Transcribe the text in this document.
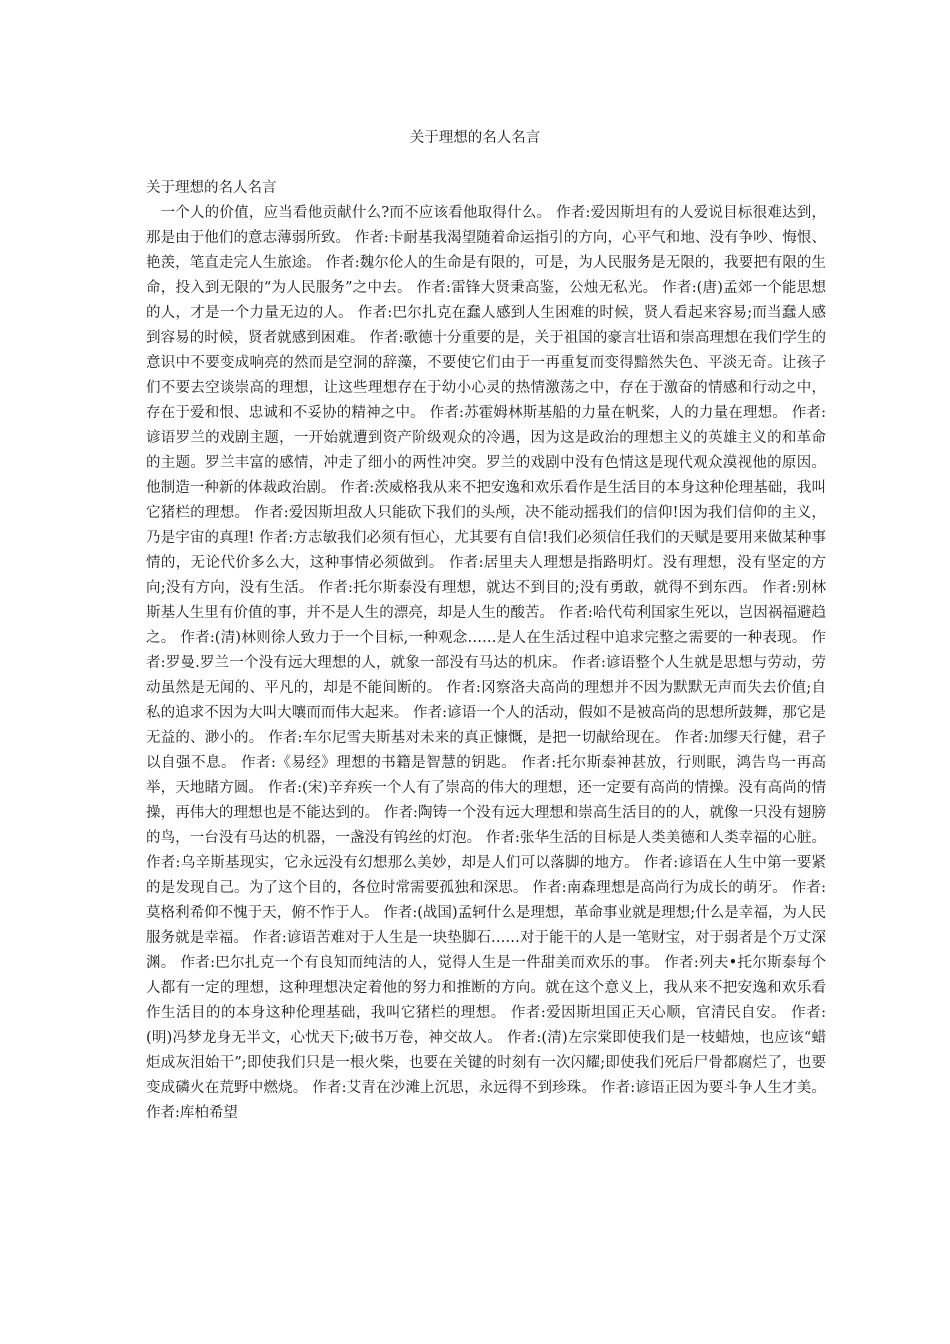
关于理想的名人名言

关于理想的名人名言

一个人的价值，应当看他贡献什么?而不应该看他取得什么。 作者:爱因斯坦有的人爱说目标很难达到，那是由于他们的意志薄弱所致。 作者:卡耐基我渴望随着命运指引的方向，心平气和地、没有争吵、悔恨、艳羡，笔直走完人生旅途。 作者:魏尔伦人的生命是有限的，可是，为人民服务是无限的，我要把有限的生命，投入到无限的“为人民服务”之中去。 作者:雷锋大贤秉高鉴，公烛无私光。 作者:(唐)孟郊一个能思想的人，才是一个力量无边的人。 作者:巴尔扎克在蠢人感到人生困难的时候，贤人看起来容易;而当蠢人感到容易的时候，贤者就感到困难。 作者:歌德十分重要的是，关于祖国的豪言壮语和崇高理想在我们学生的意识中不要变成响亮的然而是空洞的辞藻，不要使它们由于一再重复而变得黯然失色、平淡无奇。让孩子们不要去空谈崇高的理想，让这些理想存在于幼小心灵的热情激荡之中，存在于激奋的情感和行动之中，存在于爱和恨、忠诚和不妥协的精神之中。 作者:苏霍姆林斯基船的力量在帆桨，人的力量在理想。 作者:谚语罗兰的戏剧主题，一开始就遭到资产阶级观众的冷遇，因为这是政治的理想主义的英雄主义的和革命的主题。罗兰丰富的感情，冲走了细小的两性冲突。罗兰的戏剧中没有色情这是现代观众漠视他的原因。他制造一种新的体裁政治剧。 作者:茨威格我从来不把安逸和欢乐看作是生活目的本身这种伦理基础，我叫它猪栏的理想。 作者:爱因斯坦敌人只能砍下我们的头颅，决不能动摇我们的信仰!因为我们信仰的主义，乃是宇宙的真理! 作者:方志敏我们必须有恒心，尤其要有自信!我们必须信任我们的天赋是要用来做某种事情的，无论代价多么大，这种事情必须做到。 作者:居里夫人理想是指路明灯。没有理想，没有坚定的方向;没有方向，没有生活。 作者:托尔斯泰没有理想，就达不到目的;没有勇敢，就得不到东西。 作者:别林斯基人生里有价值的事，并不是人生的漂亮，却是人生的酸苦。 作者:哈代苟利国家生死以，岂因祸福避趋之。 作者:(清)林则徐人致力于一个目标,一种观念……是人在生活过程中追求完整之需要的一种表现。 作者:罗曼.罗兰一个没有远大理想的人，就象一部没有马达的机床。 作者:谚语整个人生就是思想与劳动，劳动虽然是无闻的、平凡的，却是不能间断的。 作者:冈察洛夫高尚的理想并不因为默默无声而失去价值;自私的追求不因为大叫大嚷而而伟大起来。 作者:谚语一个人的活动，假如不是被高尚的思想所鼓舞，那它是无益的、渺小的。 作者:车尔尼雪夫斯基对未来的真正慷慨，是把一切献给现在。 作者:加缪天行健，君子以自强不息。 作者:《易经》理想的书籍是智慧的钥匙。 作者:托尔斯泰神甚放，行则眠，鸿告鸟一再高举，天地睹方圆。 作者:(宋)辛弃疾一个人有了崇高的伟大的理想，还一定要有高尚的情操。没有高尚的情操，再伟大的理想也是不能达到的。 作者:陶铸一个没有远大理想和崇高生活目的的人，就像一只没有翅膀的鸟，一台没有马达的机器，一盏没有钨丝的灯泡。 作者:张华生活的目标是人类美德和人类幸福的心脏。 作者:乌辛斯基现实，它永远没有幻想那么美妙，却是人们可以落脚的地方。 作者:谚语在人生中第一要紧的是发现自己。为了这个目的，各位时常需要孤独和深思。 作者:南森理想是高尚行为成长的萌牙。 作者:莫格利希仰不愧于天，俯不怍于人。 作者:(战国)孟轲什么是理想，革命事业就是理想;什么是幸福，为人民服务就是幸福。 作者:谚语苦难对于人生是一块垫脚石……对于能干的人是一笔财宝，对于弱者是个万丈深渊。 作者:巴尔扎克一个有良知而纯洁的人，觉得人生是一件甜美而欢乐的事。 作者:列夫•托尔斯泰每个人都有一定的理想，这种理想决定着他的努力和推断的方向。就在这个意义上，我从来不把安逸和欢乐看作生活目的的本身这种伦理基础，我叫它猪栏的理想。 作者:爱因斯坦国正天心顺，官清民自安。 作者:(明)冯梦龙身无半文，心忧天下;破书万卷，神交故人。 作者:(清)左宗棠即使我们是一枝蜡烛，也应该“蜡炬成灰泪始干”;即使我们只是一根火柴，也要在关键的时刻有一次闪耀;即使我们死后尸骨都腐烂了，也要变成磷火在荒野中燃烧。 作者:艾青在沙滩上沉思，永远得不到珍珠。 作者:谚语正因为要斗争人生才美。 作者:库柏希望
